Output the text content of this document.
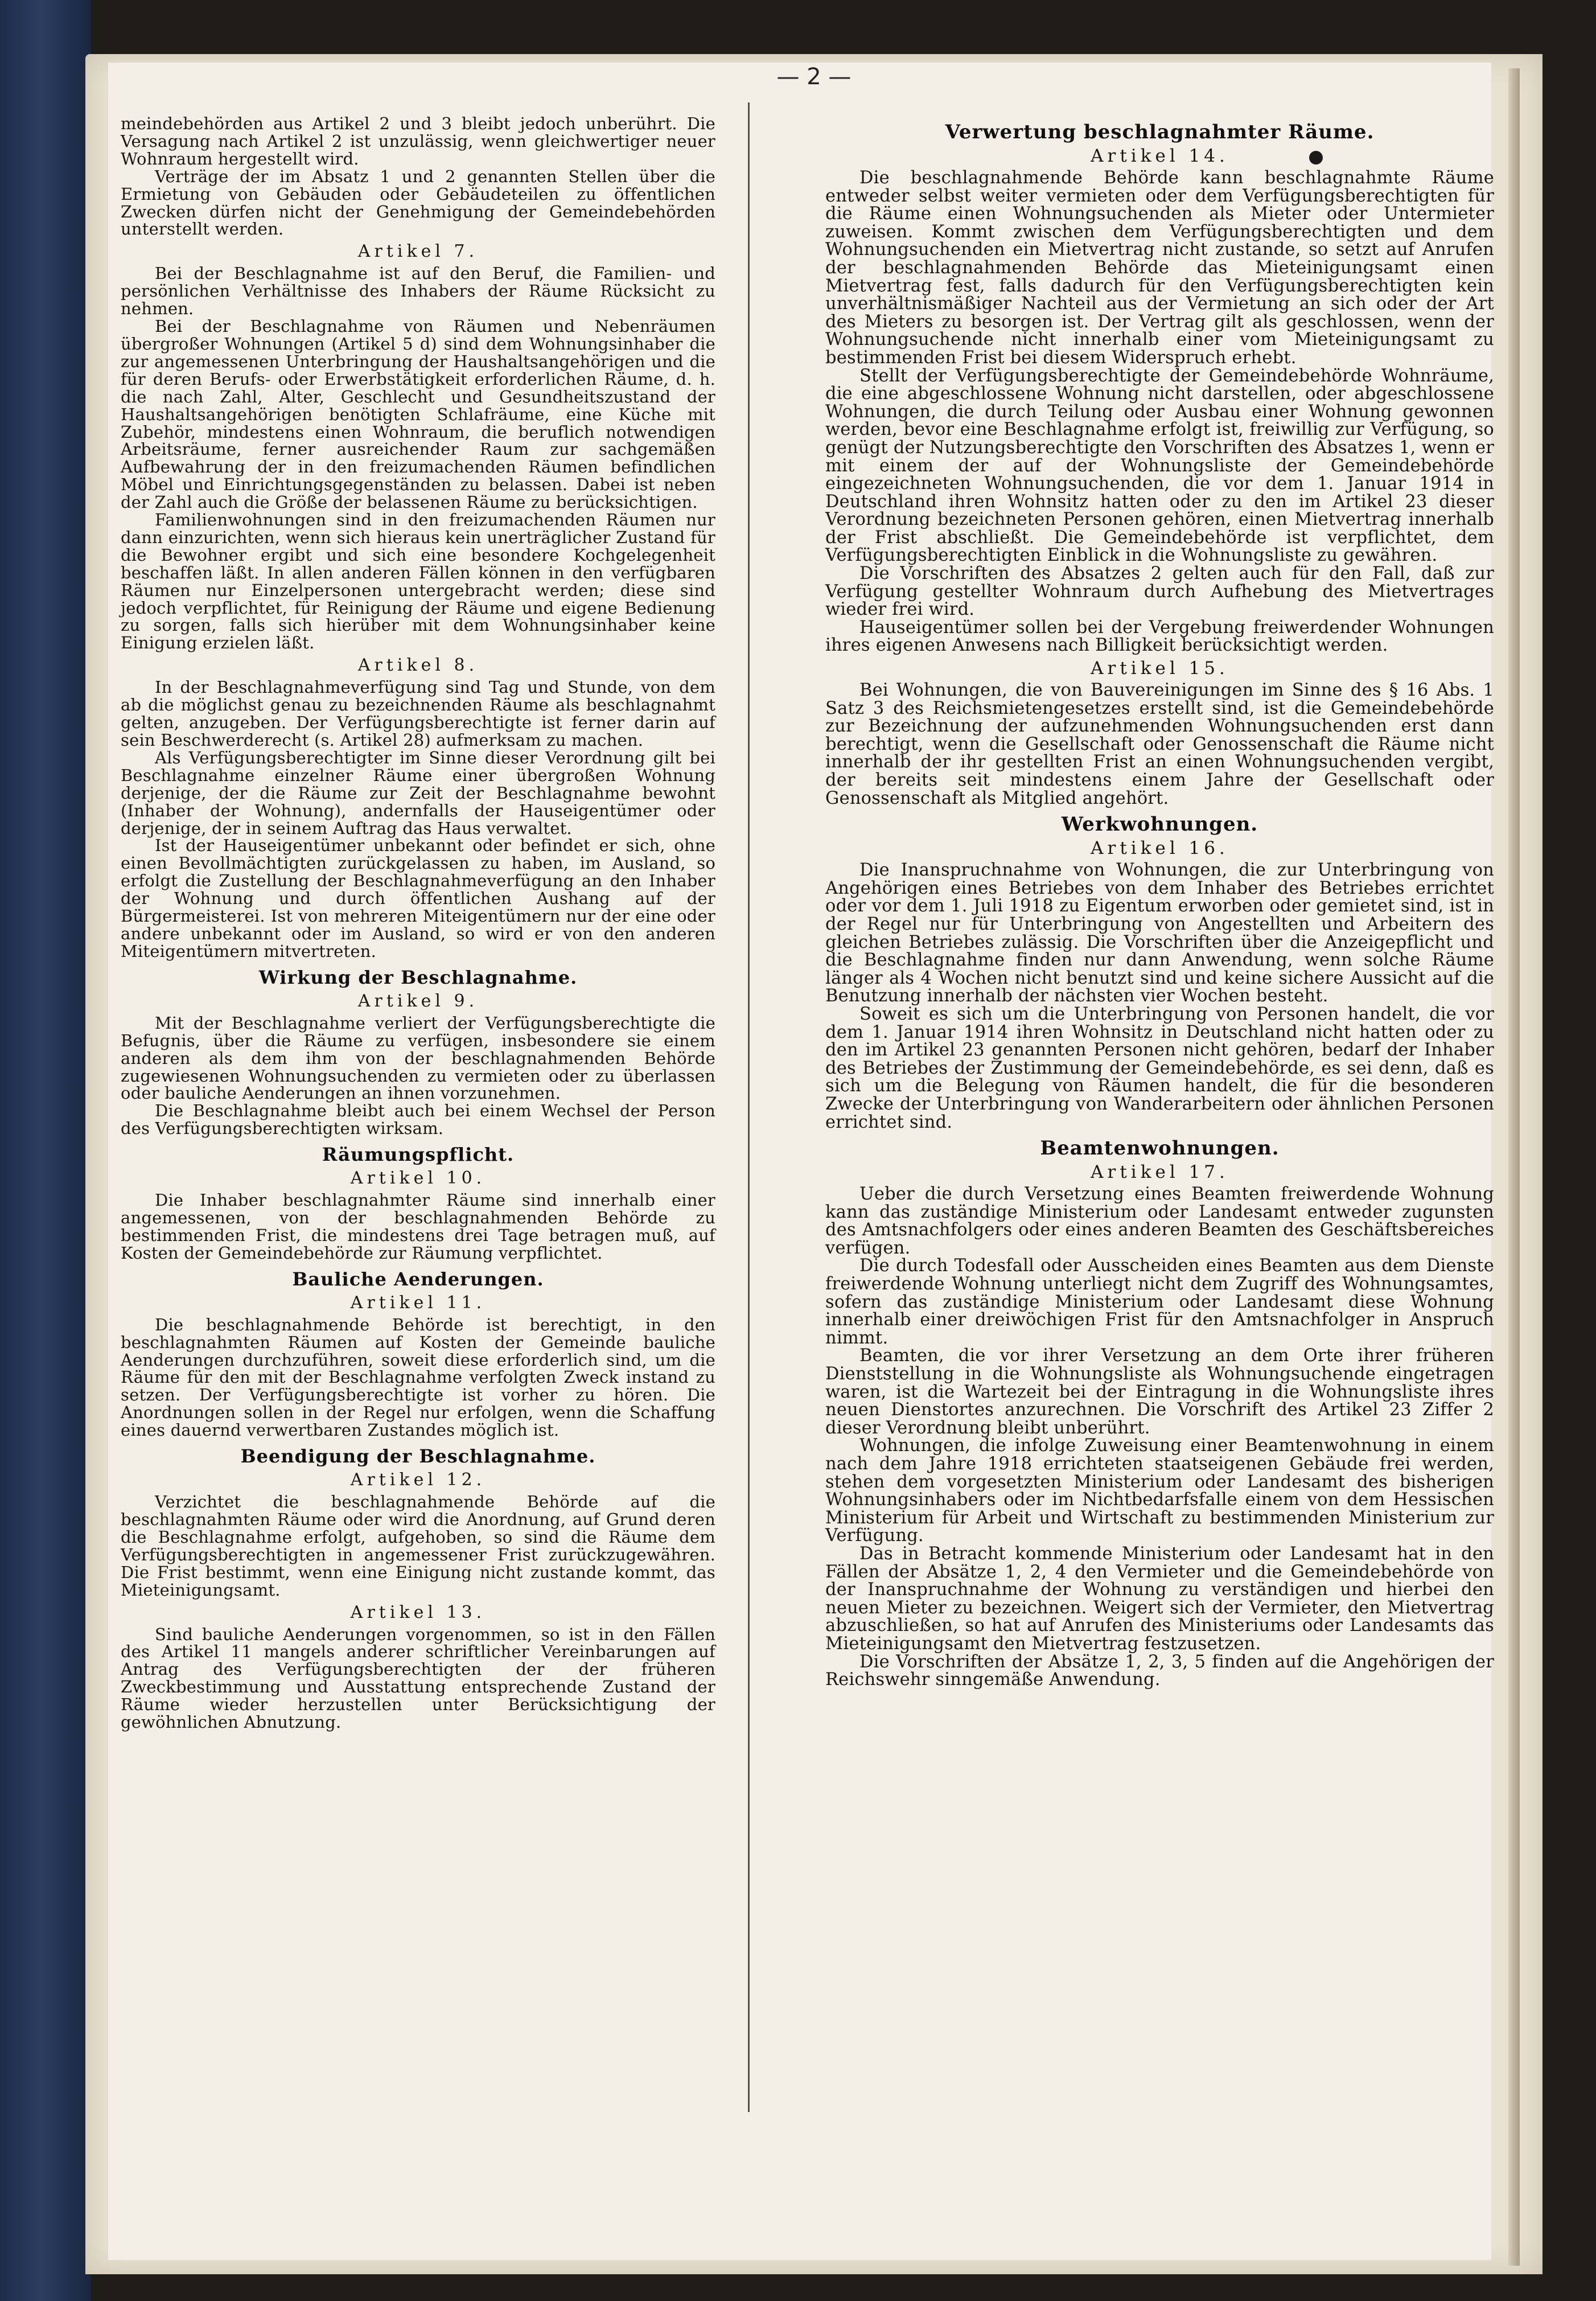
— 2 —

meindebehörden aus Artikel 2 und 3 bleibt jedoch unberührt. Die Versagung nach Artikel 2 ist unzulässig, wenn gleichwertiger neuer Wohnraum hergestellt wird.

Verträge der im Absatz 1 und 2 genannten Stellen über die Ermietung von Gebäuden oder Gebäudeteilen zu öffentlichen Zwecken dürfen nicht der Genehmigung der Gemeindebehörden unterstellt werden.

Artikel 7.

Bei der Beschlagnahme ist auf den Beruf, die Familien- und persönlichen Verhältnisse des Inhabers der Räume Rücksicht zu nehmen.

Bei der Beschlagnahme von Räumen und Nebenräumen übergroßer Wohnungen (Artikel 5 d) sind dem Wohnungsinhaber die zur angemessenen Unterbringung der Haushaltsangehörigen und die für deren Berufs- oder Erwerbstätigkeit erforderlichen Räume, d. h. die nach Zahl, Alter, Geschlecht und Gesundheitszustand der Haushaltsangehörigen benötigten Schlafräume, eine Küche mit Zubehör, mindestens einen Wohnraum, die beruflich notwendigen Arbeitsräume, ferner ausreichender Raum zur sachgemäßen Aufbewahrung der in den freizumachenden Räumen befindlichen Möbel und Einrichtungsgegenständen zu belassen. Dabei ist neben der Zahl auch die Größe der belassenen Räume zu berücksichtigen.

Familienwohnungen sind in den freizumachenden Räumen nur dann einzurichten, wenn sich hieraus kein unerträglicher Zustand für die Bewohner ergibt und sich eine besondere Kochgelegenheit beschaffen läßt. In allen anderen Fällen können in den verfügbaren Räumen nur Einzelpersonen untergebracht werden; diese sind jedoch verpflichtet, für Reinigung der Räume und eigene Bedienung zu sorgen, falls sich hierüber mit dem Wohnungsinhaber keine Einigung erzielen läßt.

Artikel 8.

In der Beschlagnahmeverfügung sind Tag und Stunde, von dem ab die möglichst genau zu bezeichnenden Räume als beschlagnahmt gelten, anzugeben. Der Verfügungsberechtigte ist ferner darin auf sein Beschwerderecht (s. Artikel 28) aufmerksam zu machen.

Als Verfügungsberechtigter im Sinne dieser Verordnung gilt bei Beschlagnahme einzelner Räume einer übergroßen Wohnung derjenige, der die Räume zur Zeit der Beschlagnahme bewohnt (Inhaber der Wohnung), andernfalls der Hauseigentümer oder derjenige, der in seinem Auftrag das Haus verwaltet.

Ist der Hauseigentümer unbekannt oder befindet er sich, ohne einen Bevollmächtigten zurückgelassen zu haben, im Ausland, so erfolgt die Zustellung der Beschlagnahmeverfügung an den Inhaber der Wohnung und durch öffentlichen Aushang auf der Bürgermeisterei. Ist von mehreren Miteigentümern nur der eine oder andere unbekannt oder im Ausland, so wird er von den anderen Miteigentümern mitvertreten.

Wirkung der Beschlagnahme.
Artikel 9.

Mit der Beschlagnahme verliert der Verfügungsberechtigte die Befugnis, über die Räume zu verfügen, insbesondere sie einem anderen als dem ihm von der beschlagnahmenden Behörde zugewiesenen Wohnungsuchenden zu vermieten oder zu überlassen oder bauliche Aenderungen an ihnen vorzunehmen.

Die Beschlagnahme bleibt auch bei einem Wechsel der Person des Verfügungsberechtigten wirksam.

Räumungspflicht.
Artikel 10.

Die Inhaber beschlagnahmter Räume sind innerhalb einer angemessenen, von der beschlagnahmenden Behörde zu bestimmenden Frist, die mindestens drei Tage betragen muß, auf Kosten der Gemeindebehörde zur Räumung verpflichtet.

Bauliche Aenderungen.
Artikel 11.

Die beschlagnahmende Behörde ist berechtigt, in den beschlagnahmten Räumen auf Kosten der Gemeinde bauliche Aenderungen durchzuführen, soweit diese erforderlich sind, um die Räume für den mit der Beschlagnahme verfolgten Zweck instand zu setzen. Der Verfügungsberechtigte ist vorher zu hören. Die Anordnungen sollen in der Regel nur erfolgen, wenn die Schaffung eines dauernd verwertbaren Zustandes möglich ist.

Beendigung der Beschlagnahme.
Artikel 12.

Verzichtet die beschlagnahmende Behörde auf die beschlagnahmten Räume oder wird die Anordnung, auf Grund deren die Beschlagnahme erfolgt, aufgehoben, so sind die Räume dem Verfügungsberechtigten in angemessener Frist zurückzugewähren. Die Frist bestimmt, wenn eine Einigung nicht zustande kommt, das Mieteinigungsamt.

Artikel 13.

Sind bauliche Aenderungen vorgenommen, so ist in den Fällen des Artikel 11 mangels anderer schriftlicher Vereinbarungen auf Antrag des Verfügungsberechtigten der der früheren Zweckbestimmung und Ausstattung entsprechende Zustand der Räume wieder herzustellen unter Berücksichtigung der gewöhnlichen Abnutzung.

Verwertung beschlagnahmter Räume.
Artikel 14.

Die beschlagnahmende Behörde kann beschlagnahmte Räume entweder selbst weiter vermieten oder dem Verfügungsberechtigten für die Räume einen Wohnungsuchenden als Mieter oder Untermieter zuweisen. Kommt zwischen dem Verfügungsberechtigten und dem Wohnungsuchenden ein Mietvertrag nicht zustande, so setzt auf Anrufen der beschlagnahmenden Behörde das Mieteinigungsamt einen Mietvertrag fest, falls dadurch für den Verfügungsberechtigten kein unverhältnismäßiger Nachteil aus der Vermietung an sich oder der Art des Mieters zu besorgen ist. Der Vertrag gilt als geschlossen, wenn der Wohnungsuchende nicht innerhalb einer vom Mieteinigungsamt zu bestimmenden Frist bei diesem Widerspruch erhebt.

Stellt der Verfügungsberechtigte der Gemeindebehörde Wohnräume, die eine abgeschlossene Wohnung nicht darstellen, oder abgeschlossene Wohnungen, die durch Teilung oder Ausbau einer Wohnung gewonnen werden, bevor eine Beschlagnahme erfolgt ist, freiwillig zur Verfügung, so genügt der Nutzungsberechtigte den Vorschriften des Absatzes 1, wenn er mit einem der auf der Wohnungsliste der Gemeindebehörde eingezeichneten Wohnungsuchenden, die vor dem 1. Januar 1914 in Deutschland ihren Wohnsitz hatten oder zu den im Artikel 23 dieser Verordnung bezeichneten Personen gehören, einen Mietvertrag innerhalb der Frist abschließt. Die Gemeindebehörde ist verpflichtet, dem Verfügungsberechtigten Einblick in die Wohnungsliste zu gewähren.

Die Vorschriften des Absatzes 2 gelten auch für den Fall, daß zur Verfügung gestellter Wohnraum durch Aufhebung des Mietvertrages wieder frei wird.

Hauseigentümer sollen bei der Vergebung freiwerdender Wohnungen ihres eigenen Anwesens nach Billigkeit berücksichtigt werden.

Artikel 15.

Bei Wohnungen, die von Bauvereinigungen im Sinne des § 16 Abs. 1 Satz 3 des Reichsmietengesetzes erstellt sind, ist die Gemeindebehörde zur Bezeichnung der aufzunehmenden Wohnungsuchenden erst dann berechtigt, wenn die Gesellschaft oder Genossenschaft die Räume nicht innerhalb der ihr gestellten Frist an einen Wohnungsuchenden vergibt, der bereits seit mindestens einem Jahre der Gesellschaft oder Genossenschaft als Mitglied angehört.

Werkwohnungen.
Artikel 16.

Die Inanspruchnahme von Wohnungen, die zur Unterbringung von Angehörigen eines Betriebes von dem Inhaber des Betriebes errichtet oder vor dem 1. Juli 1918 zu Eigentum erworben oder gemietet sind, ist in der Regel nur für Unterbringung von Angestellten und Arbeitern des gleichen Betriebes zulässig. Die Vorschriften über die Anzeigepflicht und die Beschlagnahme finden nur dann Anwendung, wenn solche Räume länger als 4 Wochen nicht benutzt sind und keine sichere Aussicht auf die Benutzung innerhalb der nächsten vier Wochen besteht.

Soweit es sich um die Unterbringung von Personen handelt, die vor dem 1. Januar 1914 ihren Wohnsitz in Deutschland nicht hatten oder zu den im Artikel 23 genannten Personen nicht gehören, bedarf der Inhaber des Betriebes der Zustimmung der Gemeindebehörde, es sei denn, daß es sich um die Belegung von Räumen handelt, die für die besonderen Zwecke der Unterbringung von Wanderarbeitern oder ähnlichen Personen errichtet sind.

Beamtenwohnungen.
Artikel 17.

Ueber die durch Versetzung eines Beamten freiwerdende Wohnung kann das zuständige Ministerium oder Landesamt entweder zugunsten des Amtsnachfolgers oder eines anderen Beamten des Geschäftsbereiches verfügen.

Die durch Todesfall oder Ausscheiden eines Beamten aus dem Dienste freiwerdende Wohnung unterliegt nicht dem Zugriff des Wohnungsamtes, sofern das zuständige Ministerium oder Landesamt diese Wohnung innerhalb einer dreiwöchigen Frist für den Amtsnachfolger in Anspruch nimmt.

Beamten, die vor ihrer Versetzung an dem Orte ihrer früheren Dienststellung in die Wohnungsliste als Wohnungsuchende eingetragen waren, ist die Wartezeit bei der Eintragung in die Wohnungsliste ihres neuen Dienstortes anzurechnen. Die Vorschrift des Artikel 23 Ziffer 2 dieser Verordnung bleibt unberührt.

Wohnungen, die infolge Zuweisung einer Beamtenwohnung in einem nach dem Jahre 1918 errichteten staatseigenen Gebäude frei werden, stehen dem vorgesetzten Ministerium oder Landesamt des bisherigen Wohnungsinhabers oder im Nichtbedarfsfalle einem von dem Hessischen Ministerium für Arbeit und Wirtschaft zu bestimmenden Ministerium zur Verfügung.

Das in Betracht kommende Ministerium oder Landesamt hat in den Fällen der Absätze 1, 2, 4 den Vermieter und die Gemeindebehörde von der Inanspruchnahme der Wohnung zu verständigen und hierbei den neuen Mieter zu bezeichnen. Weigert sich der Vermieter, den Mietvertrag abzuschließen, so hat auf Anrufen des Ministeriums oder Landesamts das Mieteinigungsamt den Mietvertrag festzusetzen.

Die Vorschriften der Absätze 1, 2, 3, 5 finden auf die Angehörigen der Reichswehr sinngemäße Anwendung.
